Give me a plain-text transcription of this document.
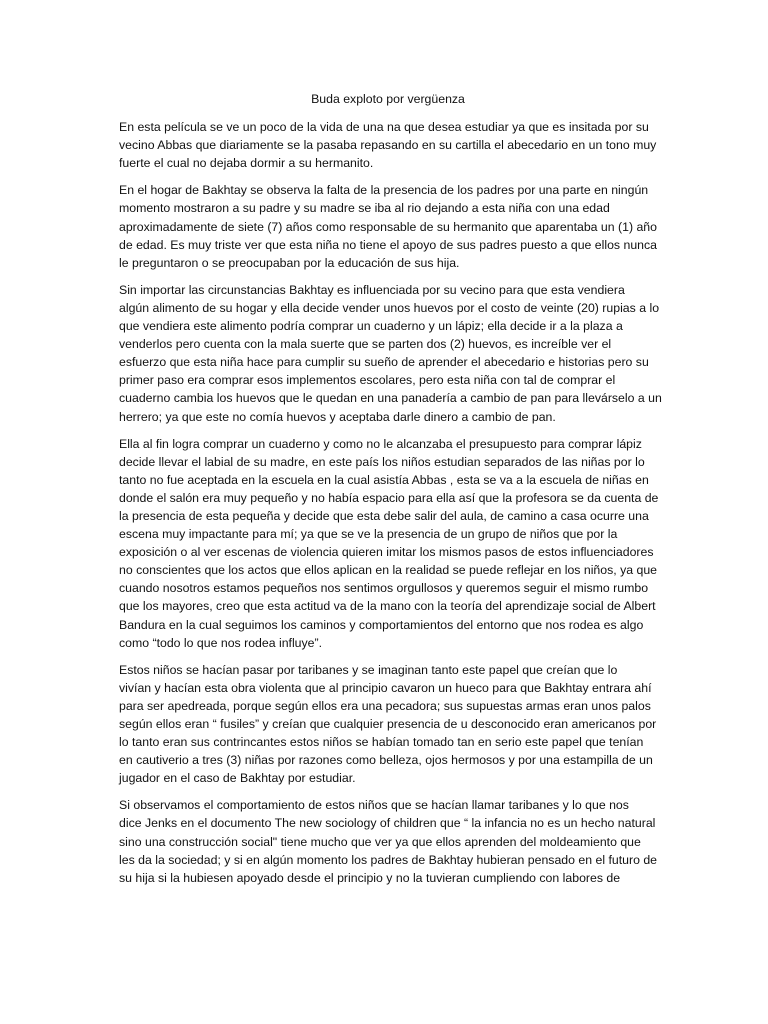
Buda exploto por vergüenza

En esta película se ve un poco de la vida de una na que desea estudiar ya que es insitada por su
vecino Abbas que diariamente se la pasaba repasando en su cartilla el abecedario en un tono muy
fuerte el cual no dejaba dormir a su hermanito.

En el hogar de Bakhtay se observa la falta de la presencia de los padres por una parte en ningún
momento mostraron a su padre y su madre se iba al rio dejando a esta niña con una edad
aproximadamente de siete (7) años como responsable de su hermanito que aparentaba un (1) año
de edad. Es muy triste ver que esta niña no tiene el apoyo de sus padres puesto a que ellos nunca
le preguntaron o se preocupaban por la educación de sus hija.

Sin importar las circunstancias Bakhtay es influenciada por su vecino para que esta vendiera
algún alimento de su hogar y ella decide vender unos huevos por el costo de veinte (20) rupias a lo
que vendiera este alimento podría comprar un cuaderno y un lápiz; ella decide ir a la plaza a
venderlos pero cuenta con la mala suerte que se parten dos (2) huevos, es increíble ver el
esfuerzo que esta niña hace para cumplir su sueño de aprender el abecedario e historias pero su
primer paso era comprar esos implementos escolares, pero esta niña con tal de comprar el
cuaderno cambia los huevos que le quedan en una panadería a cambio de pan para llevárselo a un
herrero; ya que este no comía huevos y aceptaba darle dinero a cambio de pan.

Ella al fin logra comprar un cuaderno y como no le alcanzaba el presupuesto para comprar lápiz
decide llevar el labial de su madre, en este país los niños estudian separados de las niñas por lo
tanto no fue aceptada en la escuela en la cual asistía Abbas , esta se va a la escuela de niñas en
donde el salón era muy pequeño y no había espacio para ella así que la profesora se da cuenta de
la presencia de esta pequeña y decide que esta debe salir del aula, de camino a casa ocurre una
escena muy impactante para mí; ya que se ve la presencia de un grupo de niños que por la
exposición o al ver escenas de violencia quieren imitar los mismos pasos de estos influenciadores
no conscientes que los actos que ellos aplican en la realidad se puede reflejar en los niños, ya que
cuando nosotros estamos pequeños nos sentimos orgullosos y queremos seguir el mismo rumbo
que los mayores, creo que esta actitud va de la mano con la teoría del aprendizaje social de Albert
Bandura en la cual seguimos los caminos y comportamientos del entorno que nos rodea es algo
como “todo lo que nos rodea influye”.

Estos niños se hacían pasar por taribanes y se imaginan tanto este papel que creían que lo
vivían y hacían esta obra violenta que al principio cavaron un hueco para que Bakhtay entrara ahí
para ser apedreada, porque según ellos era una pecadora; sus supuestas armas eran unos palos
según ellos eran “ fusiles” y creían que cualquier presencia de u desconocido eran americanos por
lo tanto eran sus contrincantes estos niños se habían tomado tan en serio este papel que tenían
en cautiverio a tres (3) niñas por razones como belleza, ojos hermosos y por una estampilla de un
jugador en el caso de Bakhtay por estudiar.

Si observamos el comportamiento de estos niños que se hacían llamar taribanes y lo que nos
dice Jenks en el documento The new sociology of children que “ la infancia no es un hecho natural
sino una construcción social" tiene mucho que ver ya que ellos aprenden del moldeamiento que
les da la sociedad; y si en algún momento los padres de Bakhtay hubieran pensado en el futuro de
su hija si la hubiesen apoyado desde el principio y no la tuvieran cumpliendo con labores de
